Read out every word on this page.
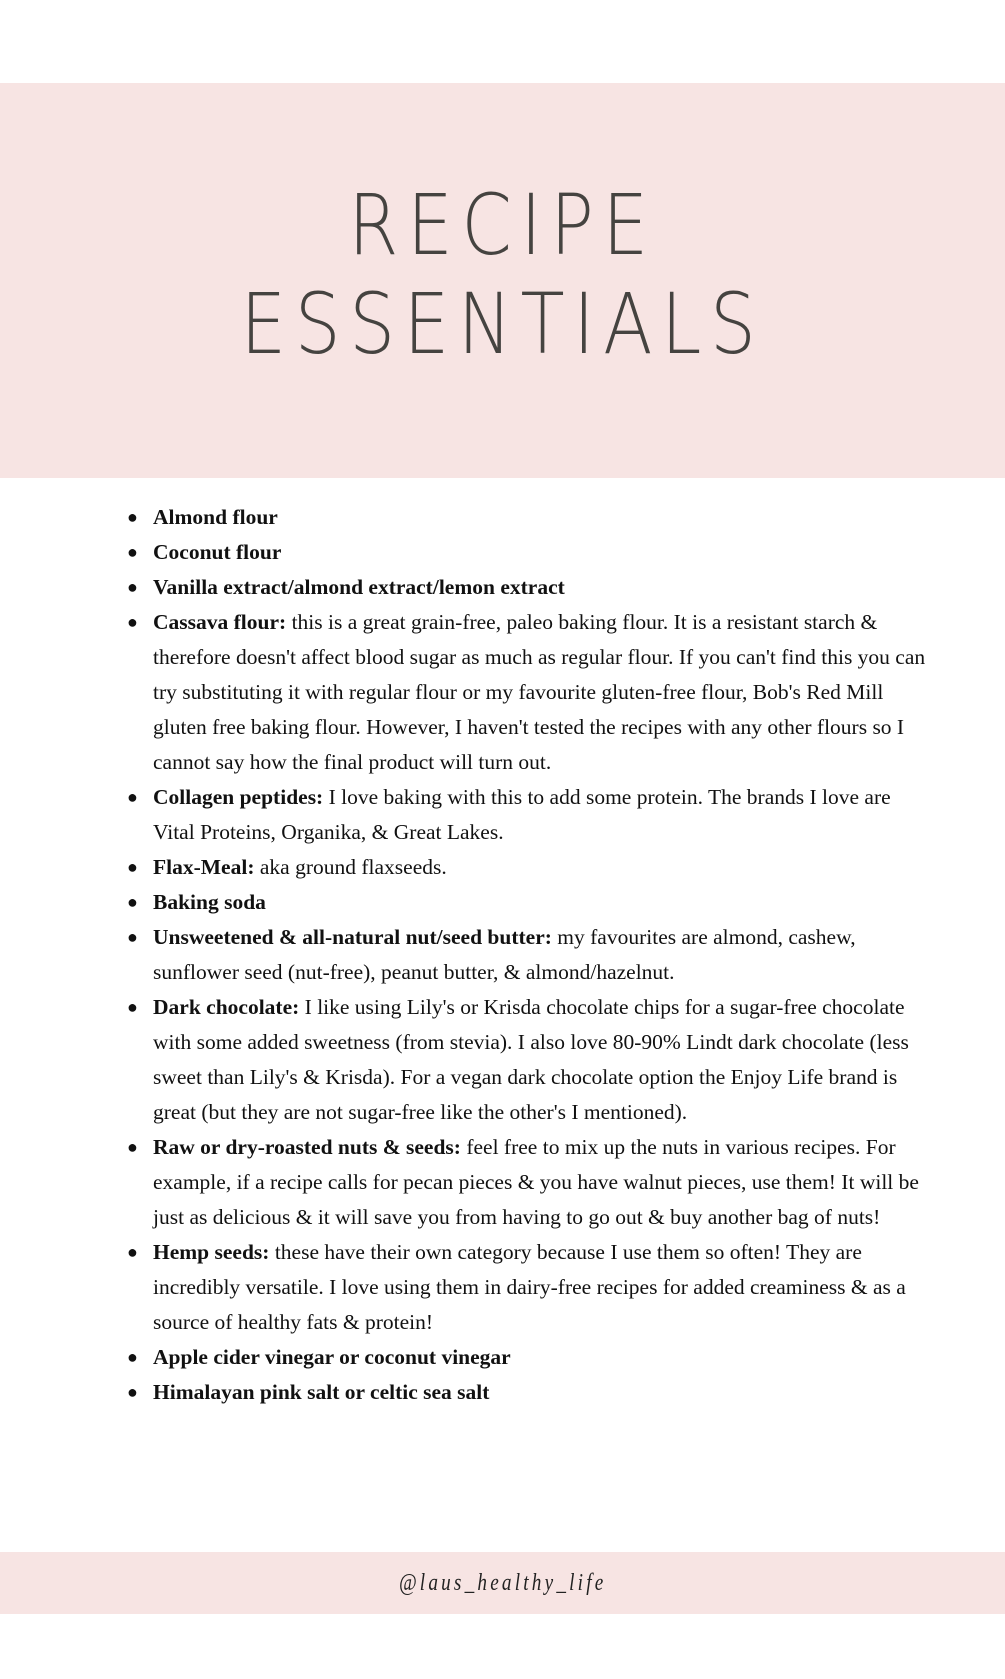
RECIPE
ESSENTIALS
● Almond flour
● Coconut flour
● Vanilla extract/almond extract/lemon extract
● Cassava flour: this is a great grain-free, paleo baking flour. It is a resistant starch & therefore doesn't affect blood sugar as much as regular flour. If you can't find this you can try substituting it with regular flour or my favourite gluten-free flour, Bob's Red Mill gluten free baking flour. However, I haven't tested the recipes with any other flours so I cannot say how the final product will turn out.
● Collagen peptides: I love baking with this to add some protein. The brands I love are Vital Proteins, Organika, & Great Lakes.
● Flax-Meal: aka ground flaxseeds.
● Baking soda
● Unsweetened & all-natural nut/seed butter: my favourites are almond, cashew, sunflower seed (nut-free), peanut butter, & almond/hazelnut.
● Dark chocolate: I like using Lily's or Krisda chocolate chips for a sugar-free chocolate with some added sweetness (from stevia). I also love 80-90% Lindt dark chocolate (less sweet than Lily's & Krisda). For a vegan dark chocolate option the Enjoy Life brand is great (but they are not sugar-free like the other's I mentioned).
● Raw or dry-roasted nuts & seeds: feel free to mix up the nuts in various recipes. For example, if a recipe calls for pecan pieces & you have walnut pieces, use them! It will be just as delicious & it will save you from having to go out & buy another bag of nuts!
● Hemp seeds: these have their own category because I use them so often! They are incredibly versatile. I love using them in dairy-free recipes for added creaminess & as a source of healthy fats & protein!
● Apple cider vinegar or coconut vinegar
● Himalayan pink salt or celtic sea salt
@laus_healthy_life
